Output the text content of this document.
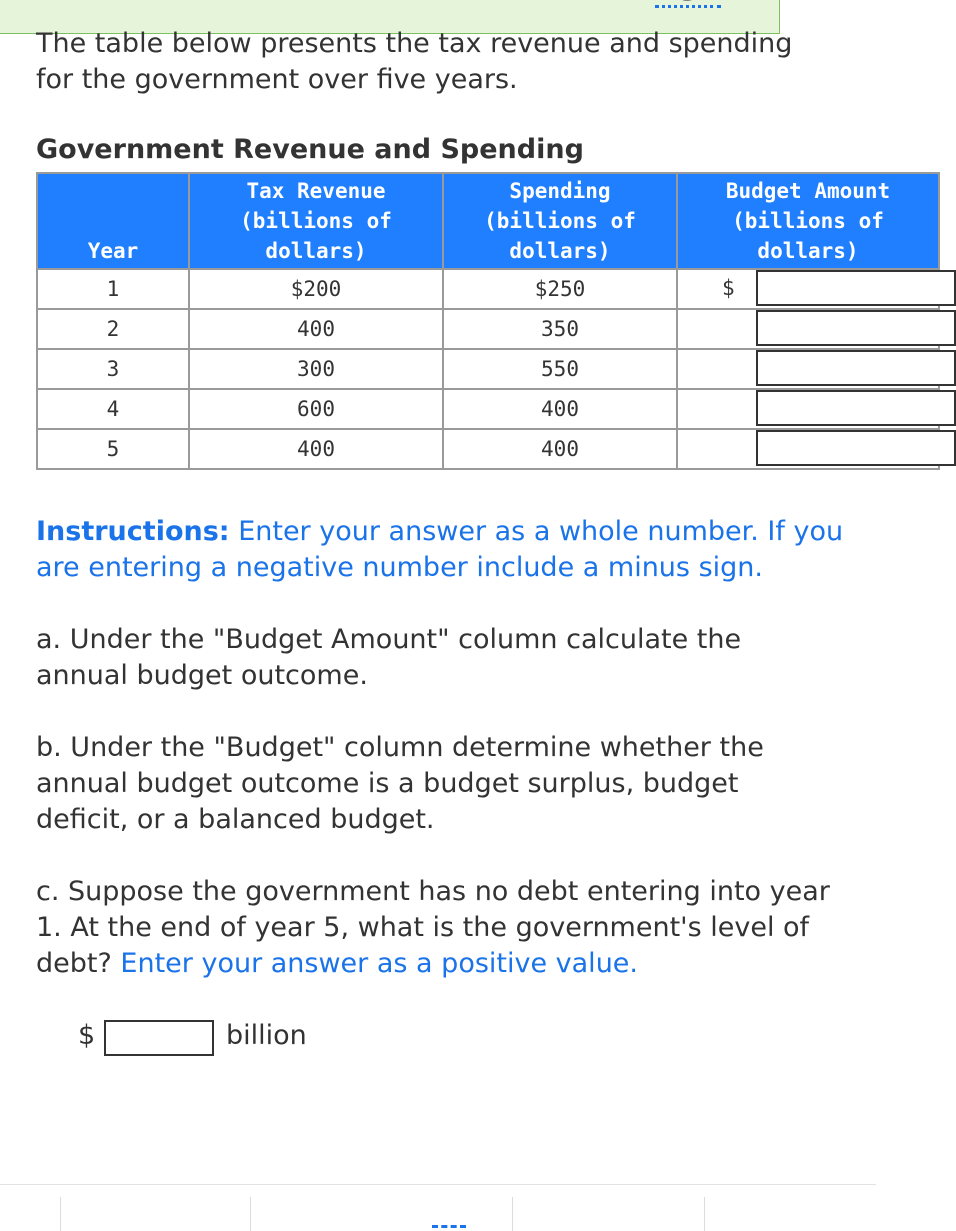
The table below presents the tax revenue and spending for the government over five years.
Government Revenue and Spending
Year	Tax Revenue (billions of dollars)	Spending (billions of dollars)	Budget Amount (billions of dollars)
1	$200	$250	$

2	400	350	

3	300	550	

4	600	400	

5	400	400	
Instructions: Enter your answer as a whole number. If you are entering a negative number include a minus sign.
a. Under the "Budget Amount" column calculate the annual budget outcome.
b. Under the "Budget" column determine whether the annual budget outcome is a budget surplus, budget deficit, or a balanced budget.
c. Suppose the government has no debt entering into year 1. At the end of year 5, what is the government's level of debt? Enter your answer as a positive value.
$	billion
